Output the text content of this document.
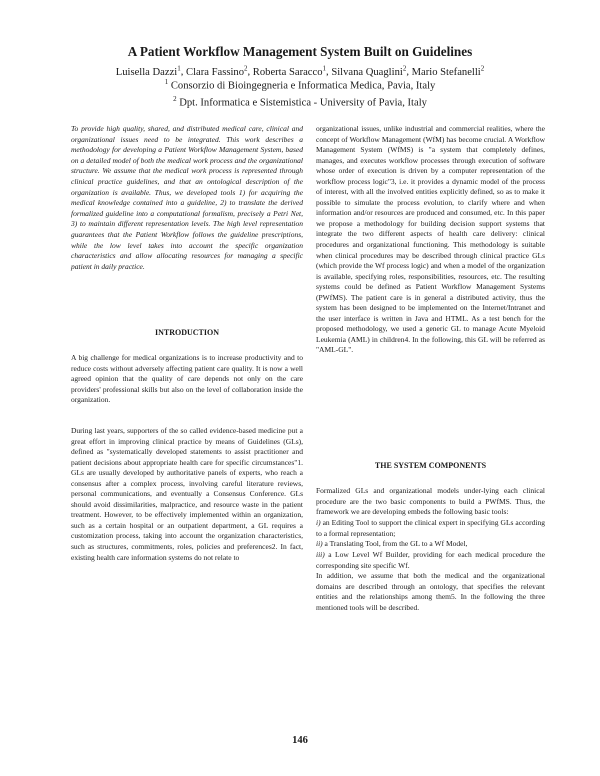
A Patient Workflow Management System Built on Guidelines
Luisella Dazzi$^1$, Clara Fassino$^2$, Roberta Saracco$^1$, Silvana Quaglini$^2$, Mario Stefanelli$^2$
$^1$ Consorzio di Bioingegneria e Informatica Medica, Pavia, Italy
$^2$ Dpt. Informatica e Sistemistica - University of Pavia, Italy
To provide high quality, shared, and distributed medical care, clinical and organizational issues need to be integrated. This work describes a methodology for developing a Patient Workflow Management System, based on a detailed model of both the medical work process and the organizational structure. We assume that the medical work process is represented through clinical practice guidelines, and that an ontological description of the organization is available. Thus, we developed tools 1) for acquiring the medical knowledge contained into a guideline, 2) to translate the derived formalized guideline into a computational formalism, precisely a Petri Net, 3) to maintain different representation levels. The high level representation guarantees that the Patient Workflow follows the guideline prescriptions, while the low level takes into account the specific organization characteristics and allow allocating resources for managing a specific patient in daily practice.
INTRODUCTION
A big challenge for medical organizations is to increase productivity and to reduce costs without adversely affecting patient care quality. It is now a well agreed opinion that the quality of care depends not only on the care providers' professional skills but also on the level of collaboration inside the organization.
During last years, supporters of the so called evidence-based medicine put a great effort in improving clinical practice by means of Guidelines (GLs), defined as "systematically developed statements to assist practitioner and patient decisions about appropriate health care for specific circumstances"1. GLs are usually developed by authoritative panels of experts, who reach a consensus after a complex process, involving careful literature reviews, personal communications, and eventually a Consensus Conference. GLs should avoid dissimilarities, malpractice, and resource waste in the patient treatment. However, to be effectively implemented within an organization, such as a certain hospital or an outpatient department, a GL requires a customization process, taking into account the organization characteristics, such as structures, commitments, roles, policies and preferences2. In fact, existing health care information systems do not relate to
organizational issues, unlike industrial and commercial realities, where the concept of Workflow Management (WfM) has become crucial. A Workflow Management System (WfMS) is "a system that completely defines, manages, and executes workflow processes through execution of software whose order of execution is driven by a computer representation of the workflow process logic"3, i.e. it provides a dynamic model of the process of interest, with all the involved entities explicitly defined, so as to make it possible to simulate the process evolution, to clarify where and when information and/or resources are produced and consumed, etc. In this paper we propose a methodology for building decision support systems that integrate the two different aspects of health care delivery: clinical procedures and organizational functioning. This methodology is suitable when clinical procedures may be described through clinical practice GLs (which provide the Wf process logic) and when a model of the organization is available, specifying roles, responsibilities, resources, etc. The resulting systems could be defined as Patient Workflow Management Systems (PWfMS). The patient care is in general a distributed activity, thus the system has been designed to be implemented on the Internet/Intranet and the user interface is written in Java and HTML. As a test bench for the proposed methodology, we used a generic GL to manage Acute Myeloid Leukemia (AML) in children4. In the following, this GL will be referred as "AML-GL".
THE SYSTEM COMPONENTS
Formalized GLs and organizational models under-lying each clinical procedure are the two basic components to build a PWfMS. Thus, the framework we are developing embeds the following basic tools:
i) an Editing Tool to support the clinical expert in specifying GLs according to a formal representation;
ii) a Translating Tool, from the GL to a Wf Model,
iii) a Low Level Wf Builder, providing for each medical procedure the corresponding site specific Wf.
In addition, we assume that both the medical and the organizational domains are described through an ontology, that specifies the relevant entities and the relationships among them5. In the following the three mentioned tools will be described.
146
